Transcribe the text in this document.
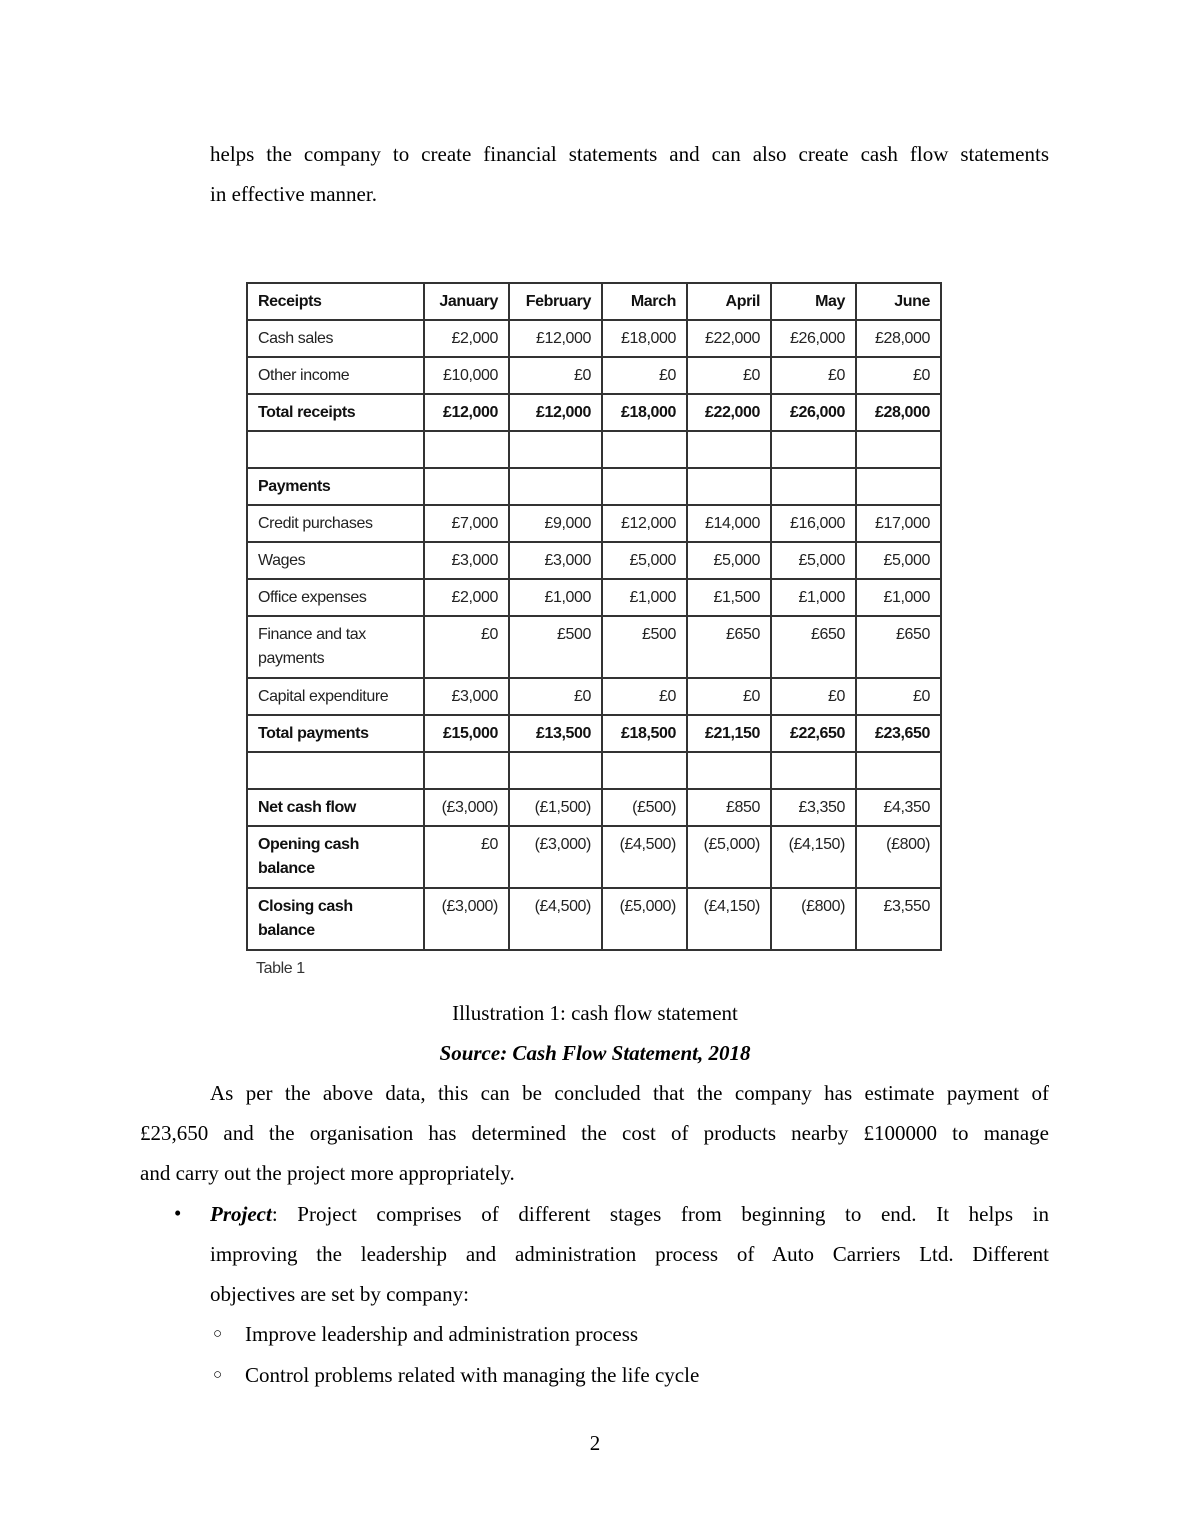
helps the company to create financial statements and can also create cash flow statements
in effective manner.
Receipts	January	February	March	April	May	June
Cash sales	£2,000	£12,000	£18,000	£22,000	£26,000	£28,000
Other income	£10,000	£0	£0	£0	£0	£0
Total receipts	£12,000	£12,000	£18,000	£22,000	£26,000	£28,000

Payments						
Credit purchases	£7,000	£9,000	£12,000	£14,000	£16,000	£17,000
Wages	£3,000	£3,000	£5,000	£5,000	£5,000	£5,000
Office expenses	£2,000	£1,000	£1,000	£1,500	£1,000	£1,000
Finance and tax payments	£0	£500	£500	£650	£650	£650
Capital expenditure	£3,000	£0	£0	£0	£0	£0
Total payments	£15,000	£13,500	£18,500	£21,150	£22,650	£23,650

Net cash flow	(£3,000)	(£1,500)	(£500)	£850	£3,350	£4,350
Opening cash balance	£0	(£3,000)	(£4,500)	(£5,000)	(£4,150)	(£800)
Closing cash balance	(£3,000)	(£4,500)	(£5,000)	(£4,150)	(£800)	£3,550
Table 1
Illustration 1: cash flow statement
Source: Cash Flow Statement, 2018
As per the above data, this can be concluded that the company has estimate payment of
£23,650 and the organisation has determined the cost of products nearby £100000 to manage
and carry out the project more appropriately.
• Project: Project comprises of different stages from beginning to end. It helps in
improving the leadership and administration process of Auto Carriers Ltd. Different
objectives are set by company:
○ Improve leadership and administration process
○ Control problems related with managing the life cycle
2
